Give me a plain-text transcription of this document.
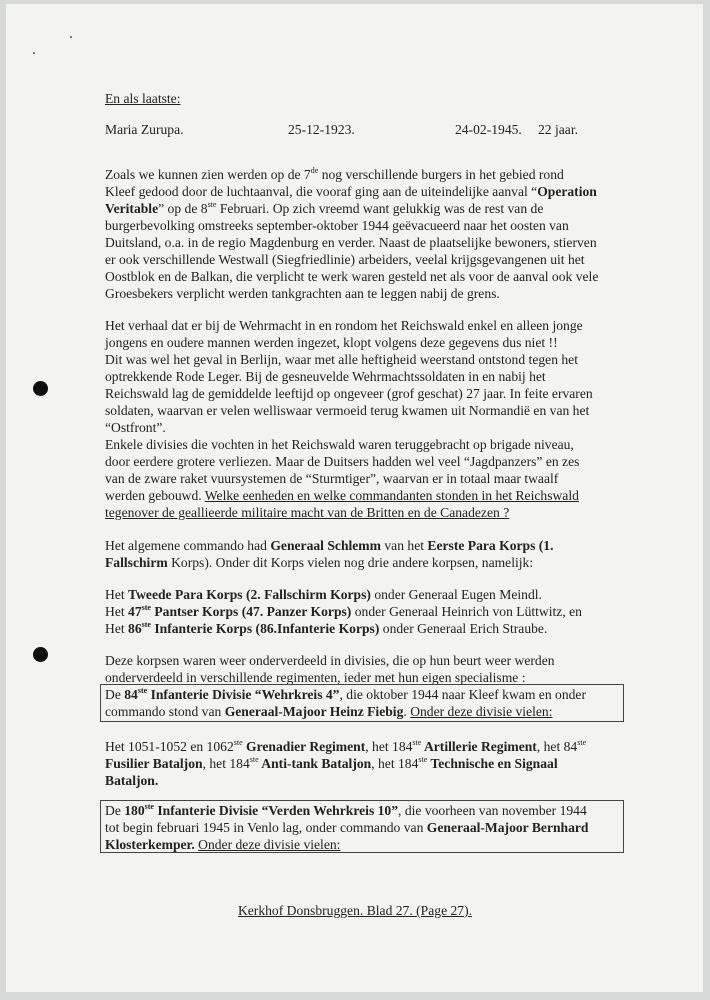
En als laatste:
Maria Zurupa.	25-12-1923.	24-02-1945. 22 jaar.
Zoals we kunnen zien werden op de 7de nog verschillende burgers in het gebied rond
Kleef gedood door de luchtaanval, die vooraf ging aan de uiteindelijke aanval “Operation
Veritable” op de 8ste Februari. Op zich vreemd want gelukkig was de rest van de
burgerbevolking omstreeks september-oktober 1944 geëvacueerd naar het oosten van
Duitsland, o.a. in de regio Magdenburg en verder. Naast de plaatselijke bewoners, stierven
er ook verschillende Westwall (Siegfriedlinie) arbeiders, veelal krijgsgevangenen uit het
Oostblok en de Balkan, die verplicht te werk waren gesteld net als voor de aanval ook vele
Groesbekers verplicht werden tankgrachten aan te leggen nabij de grens.
Het verhaal dat er bij de Wehrmacht in en rondom het Reichswald enkel en alleen jonge
jongens en oudere mannen werden ingezet, klopt volgens deze gegevens dus niet !!
Dit was wel het geval in Berlijn, waar met alle heftigheid weerstand ontstond tegen het
optrekkende Rode Leger. Bij de gesneuvelde Wehrmachtssoldaten in en nabij het
Reichswald lag de gemiddelde leeftijd op ongeveer (grof geschat) 27 jaar. In feite ervaren
soldaten, waarvan er velen welliswaar vermoeid terug kwamen uit Normandië en van het
“Ostfront”.
Enkele divisies die vochten in het Reichswald waren teruggebracht op brigade niveau,
door eerdere grotere verliezen. Maar de Duitsers hadden wel veel “Jagdpanzers” en zes
van de zware raket vuursystemen de “Sturmtiger”, waarvan er in totaal maar twaalf
werden gebouwd. Welke eenheden en welke commandanten stonden in het Reichswald
tegenover de geallieerde militaire macht van de Britten en de Canadezen ?
Het algemene commando had Generaal Schlemm van het Eerste Para Korps (1.
Fallschirm Korps). Onder dit Korps vielen nog drie andere korpsen, namelijk:
Het Tweede Para Korps (2. Fallschirm Korps) onder Generaal Eugen Meindl.
Het 47ste Pantser Korps (47. Panzer Korps) onder Generaal Heinrich von Lüttwitz, en
Het 86ste Infanterie Korps (86.Infanterie Korps) onder Generaal Erich Straube.
Deze korpsen waren weer onderverdeeld in divisies, die op hun beurt weer werden
onderverdeeld in verschillende regimenten, ieder met hun eigen specialisme :
De 84ste Infanterie Divisie “Wehrkreis 4”, die oktober 1944 naar Kleef kwam en onder
commando stond van Generaal-Majoor Heinz Fiebig. Onder deze divisie vielen:
Het 1051-1052 en 1062ste Grenadier Regiment, het 184ste Artillerie Regiment, het 84ste
Fusilier Bataljon, het 184ste Anti-tank Bataljon, het 184ste Technische en Signaal
Bataljon.
De 180ste Infanterie Divisie “Verden Wehrkreis 10”, die voorheen van november 1944
tot begin februari 1945 in Venlo lag, onder commando van Generaal-Majoor Bernhard
Klosterkemper. Onder deze divisie vielen:
Kerkhof Donsbruggen. Blad 27. (Page 27).
